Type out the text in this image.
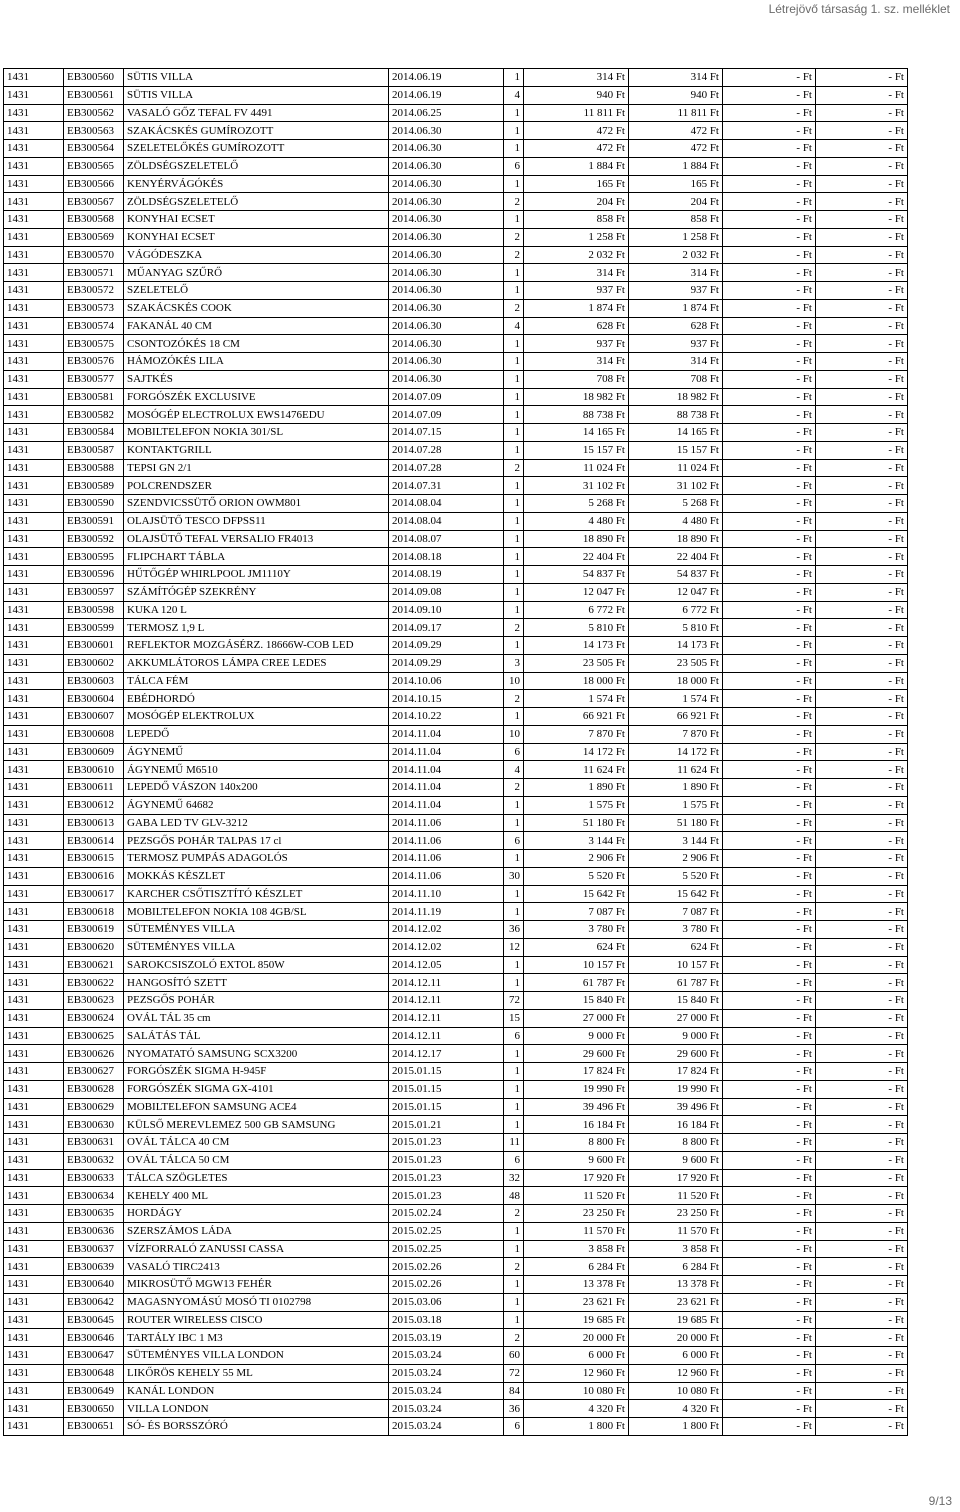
Létrejövő társaság 1. sz. melléklet
1431	EB300560	SÜTIS VILLA	2014.06.19	1	314 Ft	314 Ft	- Ft	- Ft
1431	EB300561	SÜTIS VILLA	2014.06.19	4	940 Ft	940 Ft	- Ft	- Ft
1431	EB300562	VASALÓ GŐZ TEFAL FV 4491	2014.06.25	1	11 811 Ft	11 811 Ft	- Ft	- Ft
1431	EB300563	SZAKÁCSKÉS GUMÍROZOTT	2014.06.30	1	472 Ft	472 Ft	- Ft	- Ft
1431	EB300564	SZELETELŐKÉS GUMÍROZOTT	2014.06.30	1	472 Ft	472 Ft	- Ft	- Ft
1431	EB300565	ZÖLDSÉGSZELETELŐ	2014.06.30	6	1 884 Ft	1 884 Ft	- Ft	- Ft
1431	EB300566	KENYÉRVÁGÓKÉS	2014.06.30	1	165 Ft	165 Ft	- Ft	- Ft
1431	EB300567	ZÖLDSÉGSZELETELŐ	2014.06.30	2	204 Ft	204 Ft	- Ft	- Ft
1431	EB300568	KONYHAI ECSET	2014.06.30	1	858 Ft	858 Ft	- Ft	- Ft
1431	EB300569	KONYHAI ECSET	2014.06.30	2	1 258 Ft	1 258 Ft	- Ft	- Ft
1431	EB300570	VÁGÓDESZKA	2014.06.30	2	2 032 Ft	2 032 Ft	- Ft	- Ft
1431	EB300571	MŰANYAG SZŰRŐ	2014.06.30	1	314 Ft	314 Ft	- Ft	- Ft
1431	EB300572	SZELETELŐ	2014.06.30	1	937 Ft	937 Ft	- Ft	- Ft
1431	EB300573	SZAKÁCSKÉS COOK	2014.06.30	2	1 874 Ft	1 874 Ft	- Ft	- Ft
1431	EB300574	FAKANÁL 40 CM	2014.06.30	4	628 Ft	628 Ft	- Ft	- Ft
1431	EB300575	CSONTOZÓKÉS 18 CM	2014.06.30	1	937 Ft	937 Ft	- Ft	- Ft
1431	EB300576	HÁMOZÓKÉS LILA	2014.06.30	1	314 Ft	314 Ft	- Ft	- Ft
1431	EB300577	SAJTKÉS	2014.06.30	1	708 Ft	708 Ft	- Ft	- Ft
1431	EB300581	FORGÓSZÉK EXCLUSIVE	2014.07.09	1	18 982 Ft	18 982 Ft	- Ft	- Ft
1431	EB300582	MOSÓGÉP ELECTROLUX EWS1476EDU	2014.07.09	1	88 738 Ft	88 738 Ft	- Ft	- Ft
1431	EB300584	MOBILTELEFON NOKIA 301/SL	2014.07.15	1	14 165 Ft	14 165 Ft	- Ft	- Ft
1431	EB300587	KONTAKTGRILL	2014.07.28	1	15 157 Ft	15 157 Ft	- Ft	- Ft
1431	EB300588	TEPSI GN 2/1	2014.07.28	2	11 024 Ft	11 024 Ft	- Ft	- Ft
1431	EB300589	POLCRENDSZER	2014.07.31	1	31 102 Ft	31 102 Ft	- Ft	- Ft
1431	EB300590	SZENDVICSSÜTŐ ORION OWM801	2014.08.04	1	5 268 Ft	5 268 Ft	- Ft	- Ft
1431	EB300591	OLAJSÜTŐ TESCO DFPSS11	2014.08.04	1	4 480 Ft	4 480 Ft	- Ft	- Ft
1431	EB300592	OLAJSÜTŐ TEFAL VERSALIO FR4013	2014.08.07	1	18 890 Ft	18 890 Ft	- Ft	- Ft
1431	EB300595	FLIPCHART TÁBLA	2014.08.18	1	22 404 Ft	22 404 Ft	- Ft	- Ft
1431	EB300596	HŰTŐGÉP WHIRLPOOL JM1110Y	2014.08.19	1	54 837 Ft	54 837 Ft	- Ft	- Ft
1431	EB300597	SZÁMÍTÓGÉP SZEKRÉNY	2014.09.08	1	12 047 Ft	12 047 Ft	- Ft	- Ft
1431	EB300598	KUKA 120 L	2014.09.10	1	6 772 Ft	6 772 Ft	- Ft	- Ft
1431	EB300599	TERMOSZ 1,9 L	2014.09.17	2	5 810 Ft	5 810 Ft	- Ft	- Ft
1431	EB300601	REFLEKTOR MOZGÁSÉRZ. 18666W-COB LED	2014.09.29	1	14 173 Ft	14 173 Ft	- Ft	- Ft
1431	EB300602	AKKUMLÁTOROS LÁMPA CREE LEDES	2014.09.29	3	23 505 Ft	23 505 Ft	- Ft	- Ft
1431	EB300603	TÁLCA FÉM	2014.10.06	10	18 000 Ft	18 000 Ft	- Ft	- Ft
1431	EB300604	EBÉDHORDÓ	2014.10.15	2	1 574 Ft	1 574 Ft	- Ft	- Ft
1431	EB300607	MOSÓGÉP ELEKTROLUX	2014.10.22	1	66 921 Ft	66 921 Ft	- Ft	- Ft
1431	EB300608	LEPEDŐ	2014.11.04	10	7 870 Ft	7 870 Ft	- Ft	- Ft
1431	EB300609	ÁGYNEMŰ	2014.11.04	6	14 172 Ft	14 172 Ft	- Ft	- Ft
1431	EB300610	ÁGYNEMŰ M6510	2014.11.04	4	11 624 Ft	11 624 Ft	- Ft	- Ft
1431	EB300611	LEPEDŐ VÁSZON 140x200	2014.11.04	2	1 890 Ft	1 890 Ft	- Ft	- Ft
1431	EB300612	ÁGYNEMŰ 64682	2014.11.04	1	1 575 Ft	1 575 Ft	- Ft	- Ft
1431	EB300613	GABA LED TV GLV-3212	2014.11.06	1	51 180 Ft	51 180 Ft	- Ft	- Ft
1431	EB300614	PEZSGŐS POHÁR TALPAS 17 cl	2014.11.06	6	3 144 Ft	3 144 Ft	- Ft	- Ft
1431	EB300615	TERMOSZ PUMPÁS ADAGOLÓS	2014.11.06	1	2 906 Ft	2 906 Ft	- Ft	- Ft
1431	EB300616	MOKKÁS KÉSZLET	2014.11.06	30	5 520 Ft	5 520 Ft	- Ft	- Ft
1431	EB300617	KARCHER CSŐTISZTÍTÓ KÉSZLET	2014.11.10	1	15 642 Ft	15 642 Ft	- Ft	- Ft
1431	EB300618	MOBILTELEFON NOKIA 108 4GB/SL	2014.11.19	1	7 087 Ft	7 087 Ft	- Ft	- Ft
1431	EB300619	SÜTEMÉNYES VILLA	2014.12.02	36	3 780 Ft	3 780 Ft	- Ft	- Ft
1431	EB300620	SÜTEMÉNYES VILLA	2014.12.02	12	624 Ft	624 Ft	- Ft	- Ft
1431	EB300621	SAROKCSISZOLÓ EXTOL 850W	2014.12.05	1	10 157 Ft	10 157 Ft	- Ft	- Ft
1431	EB300622	HANGOSÍTÓ SZETT	2014.12.11	1	61 787 Ft	61 787 Ft	- Ft	- Ft
1431	EB300623	PEZSGŐS POHÁR	2014.12.11	72	15 840 Ft	15 840 Ft	- Ft	- Ft
1431	EB300624	OVÁL TÁL 35 cm	2014.12.11	15	27 000 Ft	27 000 Ft	- Ft	- Ft
1431	EB300625	SALÁTÁS TÁL	2014.12.11	6	9 000 Ft	9 000 Ft	- Ft	- Ft
1431	EB300626	NYOMATATÓ SAMSUNG SCX3200	2014.12.17	1	29 600 Ft	29 600 Ft	- Ft	- Ft
1431	EB300627	FORGÓSZÉK SIGMA H-945F	2015.01.15	1	17 824 Ft	17 824 Ft	- Ft	- Ft
1431	EB300628	FORGÓSZÉK SIGMA GX-4101	2015.01.15	1	19 990 Ft	19 990 Ft	- Ft	- Ft
1431	EB300629	MOBILTELEFON SAMSUNG ACE4	2015.01.15	1	39 496 Ft	39 496 Ft	- Ft	- Ft
1431	EB300630	KÜLSŐ MEREVLEMEZ 500 GB SAMSUNG	2015.01.21	1	16 184 Ft	16 184 Ft	- Ft	- Ft
1431	EB300631	OVÁL TÁLCA 40 CM	2015.01.23	11	8 800 Ft	8 800 Ft	- Ft	- Ft
1431	EB300632	OVÁL TÁLCA 50 CM	2015.01.23	6	9 600 Ft	9 600 Ft	- Ft	- Ft
1431	EB300633	TÁLCA SZÖGLETES	2015.01.23	32	17 920 Ft	17 920 Ft	- Ft	- Ft
1431	EB300634	KEHELY 400 ML	2015.01.23	48	11 520 Ft	11 520 Ft	- Ft	- Ft
1431	EB300635	HORDÁGY	2015.02.24	2	23 250 Ft	23 250 Ft	- Ft	- Ft
1431	EB300636	SZERSZÁMOS LÁDA	2015.02.25	1	11 570 Ft	11 570 Ft	- Ft	- Ft
1431	EB300637	VÍZFORRALÓ ZANUSSI CASSA	2015.02.25	1	3 858 Ft	3 858 Ft	- Ft	- Ft
1431	EB300639	VASALÓ TIRC2413	2015.02.26	2	6 284 Ft	6 284 Ft	- Ft	- Ft
1431	EB300640	MIKROSÜTŐ MGW13 FEHÉR	2015.02.26	1	13 378 Ft	13 378 Ft	- Ft	- Ft
1431	EB300642	MAGASNYOMÁSÚ MOSÓ TI 0102798	2015.03.06	1	23 621 Ft	23 621 Ft	- Ft	- Ft
1431	EB300645	ROUTER WIRELESS CISCO	2015.03.18	1	19 685 Ft	19 685 Ft	- Ft	- Ft
1431	EB300646	TARTÁLY IBC 1 M3	2015.03.19	2	20 000 Ft	20 000 Ft	- Ft	- Ft
1431	EB300647	SÜTEMÉNYES VILLA LONDON	2015.03.24	60	6 000 Ft	6 000 Ft	- Ft	- Ft
1431	EB300648	LIKŐRÖS KEHELY 55 ML	2015.03.24	72	12 960 Ft	12 960 Ft	- Ft	- Ft
1431	EB300649	KANÁL LONDON	2015.03.24	84	10 080 Ft	10 080 Ft	- Ft	- Ft
1431	EB300650	VILLA LONDON	2015.03.24	36	4 320 Ft	4 320 Ft	- Ft	- Ft
1431	EB300651	SÓ- ÉS BORSSZÓRÓ	2015.03.24	6	1 800 Ft	1 800 Ft	- Ft	- Ft
9/13
